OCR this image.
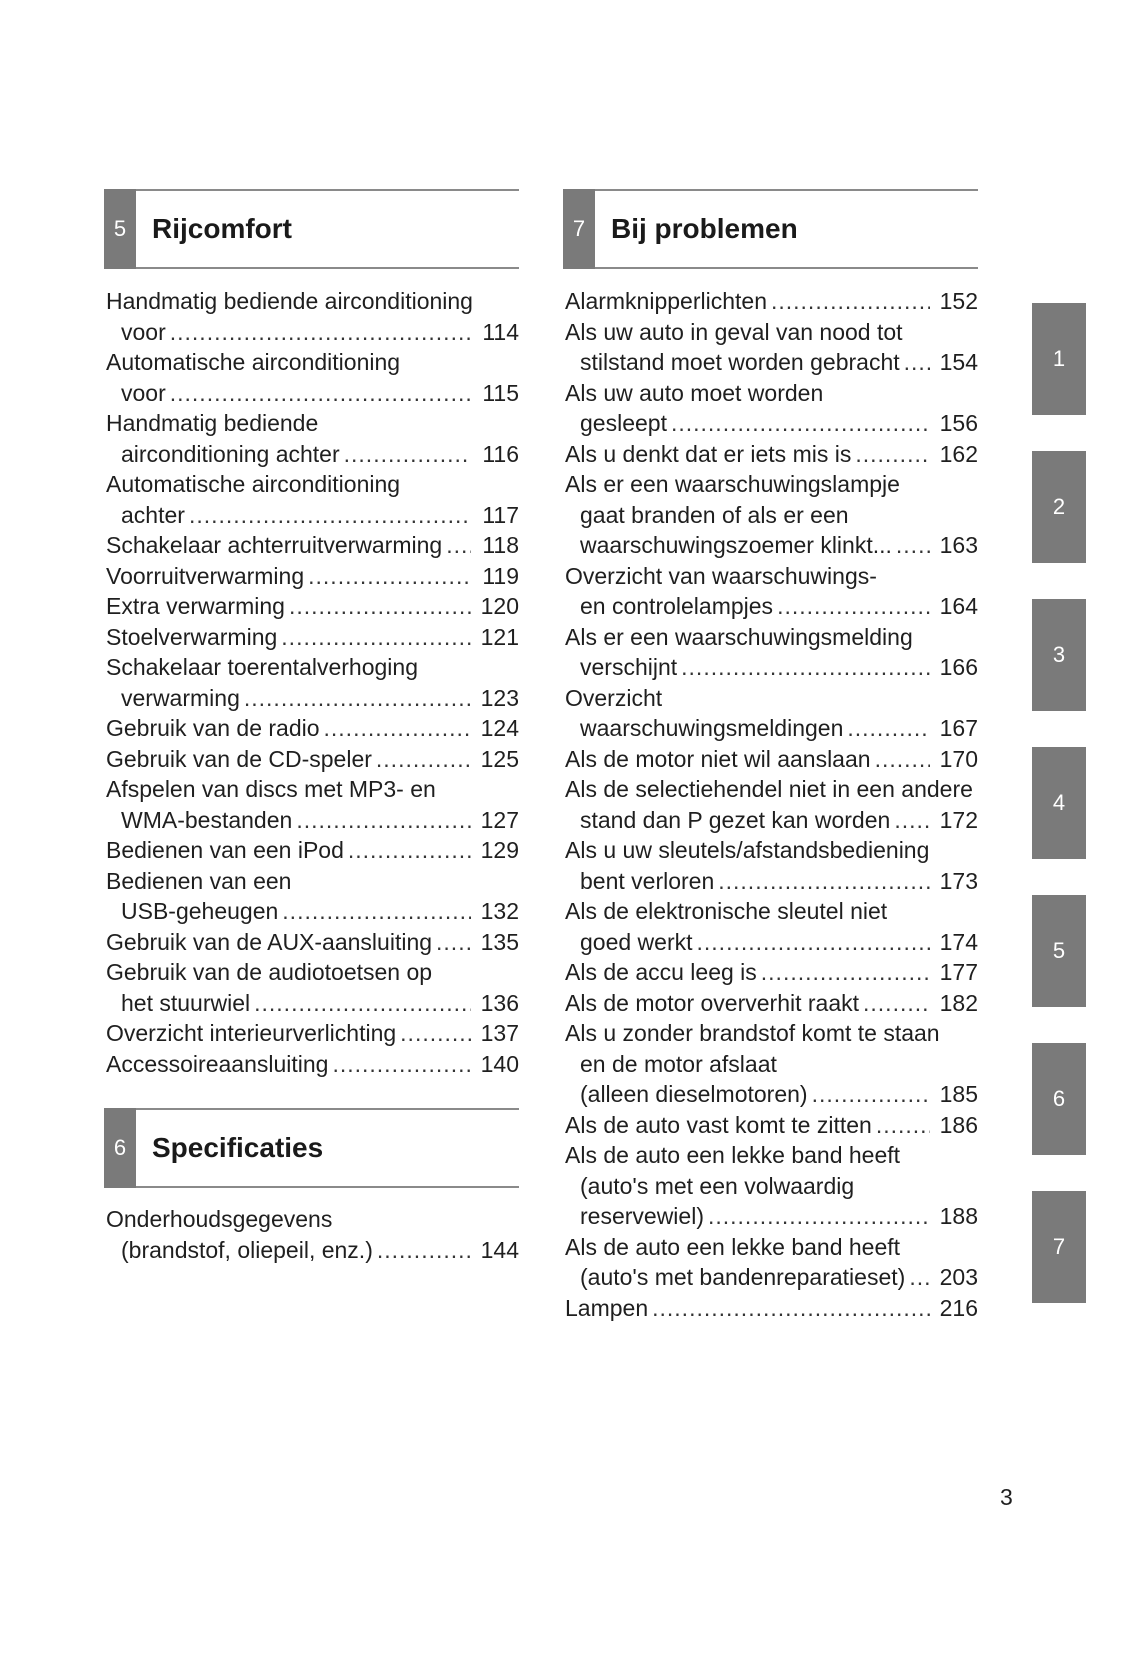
5 Rijcomfort
Handmatig bediende airconditioning
voor .....	114
Automatische airconditioning
voor .....	115
Handmatig bediende
airconditioning achter .....	116
Automatische airconditioning
achter .....	117
Schakelaar achterruitverwarming .....	118
Voorruitverwarming .....	119
Extra verwarming .....	120
Stoelverwarming .....	121
Schakelaar toerentalverhoging
verwarming .....	123
Gebruik van de radio .....	124
Gebruik van de CD-speler .....	125
Afspelen van discs met MP3- en
WMA-bestanden .....	127
Bedienen van een iPod .....	129
Bedienen van een
USB-geheugen .....	132
Gebruik van de AUX-aansluiting ..... 135
Gebruik van de audiotoetsen op
het stuurwiel .....	136
Overzicht interieurverlichting .....	137
Accessoireaansluiting .....	140
6 Specificaties
Onderhoudsgegevens
(brandstof, oliepeil, enz.) .....	144
7 Bij problemen
Alarmknipperlichten .....	152
Als uw auto in geval van nood tot
stilstand moet worden gebracht ..... 154
Als uw auto moet worden
gesleept .....	156
Als u denkt dat er iets mis is .....	162
Als er een waarschuwingslampje
gaat branden of als er een
waarschuwingszoemer klinkt... ..... 163
Overzicht van waarschuwings-
en controlelampjes .....	164
Als er een waarschuwingsmelding
verschijnt .....	166
Overzicht
waarschuwingsmeldingen .....	167
Als de motor niet wil aanslaan .....	170
Als de selectiehendel niet in een andere
stand dan P gezet kan worden ..... 172
Als u uw sleutels/afstandsbediening
bent verloren .....	173
Als de elektronische sleutel niet
goed werkt .....	174
Als de accu leeg is .....	177
Als de motor oververhit raakt .....	182
Als u zonder brandstof komt te staan
en de motor afslaat
(alleen dieselmotoren) .....	185
Als de auto vast komt te zitten .....	186
Als de auto een lekke band heeft
(auto's met een volwaardig
reservewiel) .....	188
Als de auto een lekke band heeft
(auto's met bandenreparatieset) ..... 203
Lampen .....	216
1
2
3
4
5
6
7
3
